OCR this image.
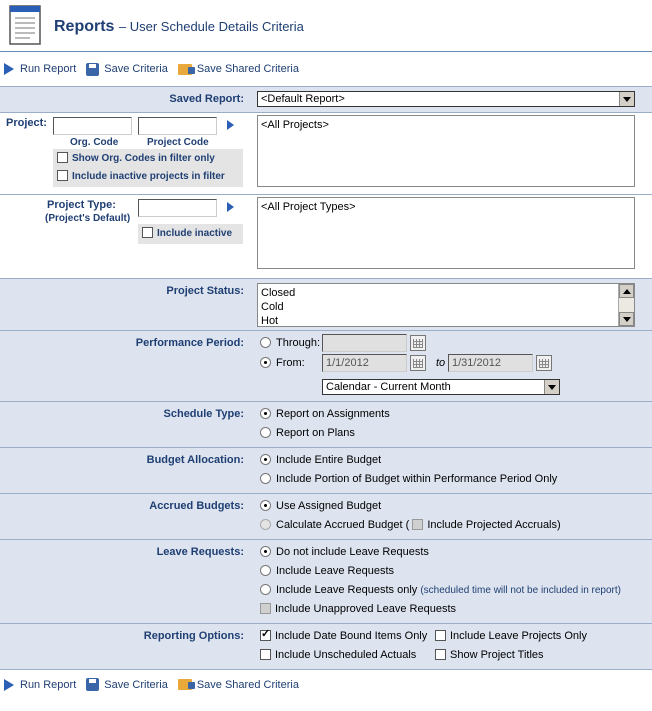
Reports – User Schedule Details Criteria
Run Report	Save Criteria	Save Shared Criteria
Saved Report:	<Default Report>
Project:
Org. Code	Project Code
Show Org. Codes in filter only
Include inactive projects in filter
<All Projects>
Project Type:
(Project's Default)
Include inactive
<All Project Types>
Project Status: Closed
Cold
Hot
Performance Period:	Through:
From:	1/1/2012	to 1/31/2012
Calendar - Current Month
Schedule Type:	Report on Assignments
Report on Plans
Budget Allocation:	Include Entire Budget
Include Portion of Budget within Performance Period Only
Accrued Budgets:	Use Assigned Budget
Calculate Accrued Budget ( Include Projected Accruals)
Leave Requests:	Do not include Leave Requests
Include Leave Requests
Include Leave Requests only (scheduled time will not be included in report)
Include Unapproved Leave Requests
Reporting Options:
✓	Include Date Bound Items Only	Include Leave Projects Only
Include Unscheduled Actuals	Show Project Titles
Run Report	Save Criteria	Save Shared Criteria
